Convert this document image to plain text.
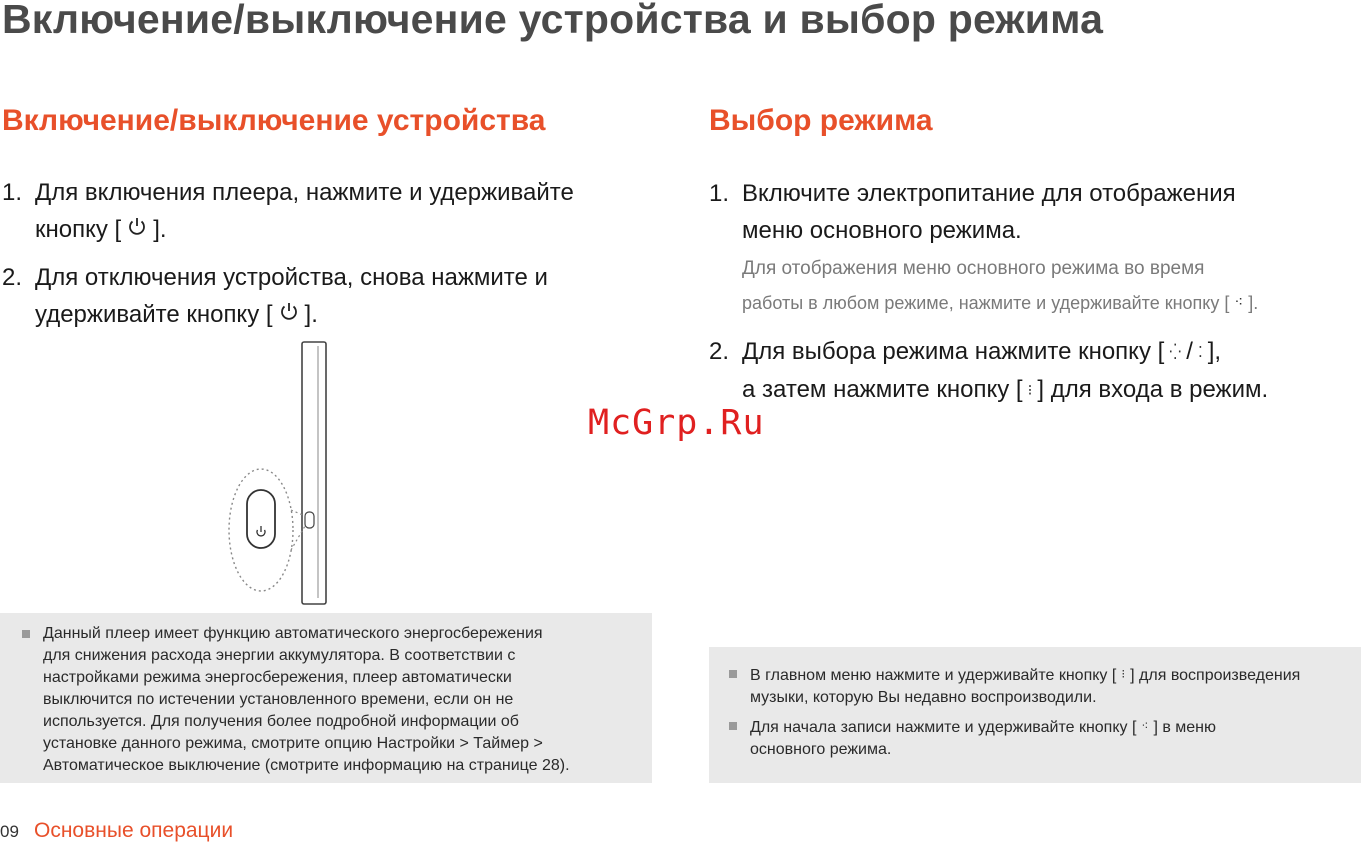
Включение/выключение устройства и выбор режима
Включение/выключение устройства
1. Для включения плеера, нажмите и удерживайте
кнопку [ ].
2. Для отключения устройства, снова нажмите и
удерживайте кнопку [ ].
Данный плеер имеет функцию автоматического энергосбережения
для снижения расхода энергии аккумулятора. В соответствии с
настройками режима энергосбережения, плеер автоматически
выключится по истечении установленного времени, если он не
используется. Для получения более подробной информации об
установке данного режима, смотрите опцию Настройки > Таймер >
Автоматическое выключение (смотрите информацию на странице 28).
Выбор режима
1. Включите электропитание для отображения
меню основного режима.
Для отображения меню основного режима во время
работы в любом режиме, нажмите и удерживайте кнопку [ ⁖ ].
2. Для выбора режима нажмите кнопку [ ⁛ / ⁚ ],
а затем нажмите кнопку [ ⁝ ] для входа в режим.
В главном меню нажмите и удерживайте кнопку [ ⁝ ] для воспроизведения
музыки, которую Вы недавно воспроизводили.
Для начала записи нажмите и удерживайте кнопку [ ⁖ ] в меню
основного режима.
McGrp.Ru
09 Основные операции
